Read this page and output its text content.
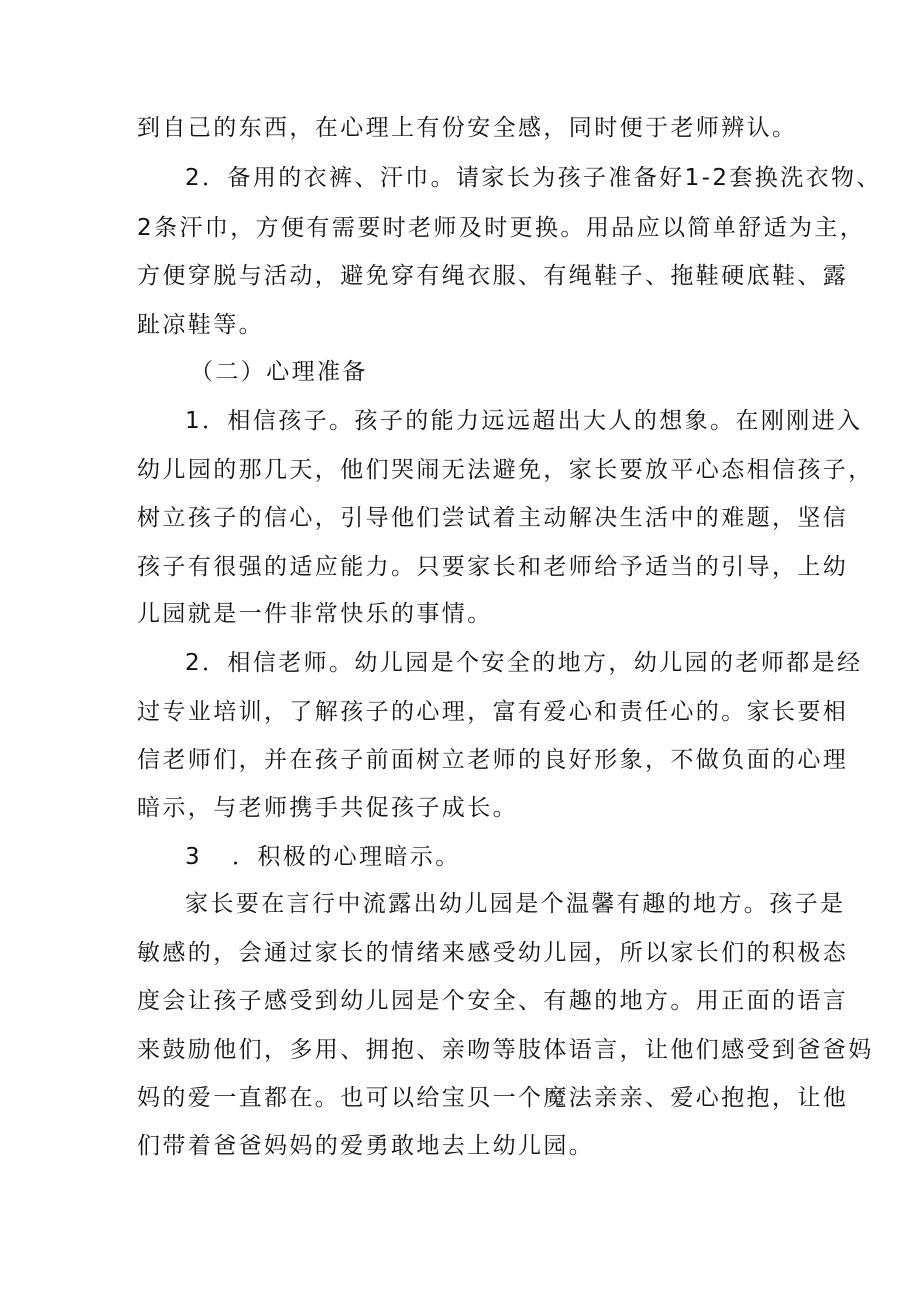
到自己的东西，在心理上有份安全感，同时便于老师辨认。
2．备用的衣裤、汗巾。请家长为孩子准备好1-2套换洗衣物、
2条汗巾，方便有需要时老师及时更换。用品应以简单舒适为主，
方便穿脱与活动，避免穿有绳衣服、有绳鞋子、拖鞋硬底鞋、露
趾凉鞋等。
（二）心理准备
1．相信孩子。孩子的能力远远超出大人的想象。在刚刚进入
幼儿园的那几天，他们哭闹无法避免，家长要放平心态相信孩子，
树立孩子的信心，引导他们尝试着主动解决生活中的难题，坚信
孩子有很强的适应能力。只要家长和老师给予适当的引导，上幼
儿园就是一件非常快乐的事情。
2．相信老师。幼儿园是个安全的地方，幼儿园的老师都是经
过专业培训，了解孩子的心理，富有爱心和责任心的。家长要相
信老师们，并在孩子前面树立老师的良好形象，不做负面的心理
暗示，与老师携手共促孩子成长。
3 ．积极的心理暗示。
家长要在言行中流露出幼儿园是个温馨有趣的地方。孩子是
敏感的，会通过家长的情绪来感受幼儿园，所以家长们的积极态
度会让孩子感受到幼儿园是个安全、有趣的地方。用正面的语言
来鼓励他们，多用、拥抱、亲吻等肢体语言，让他们感受到爸爸妈
妈的爱一直都在。也可以给宝贝一个魔法亲亲、爱心抱抱，让他
们带着爸爸妈妈的爱勇敢地去上幼儿园。
